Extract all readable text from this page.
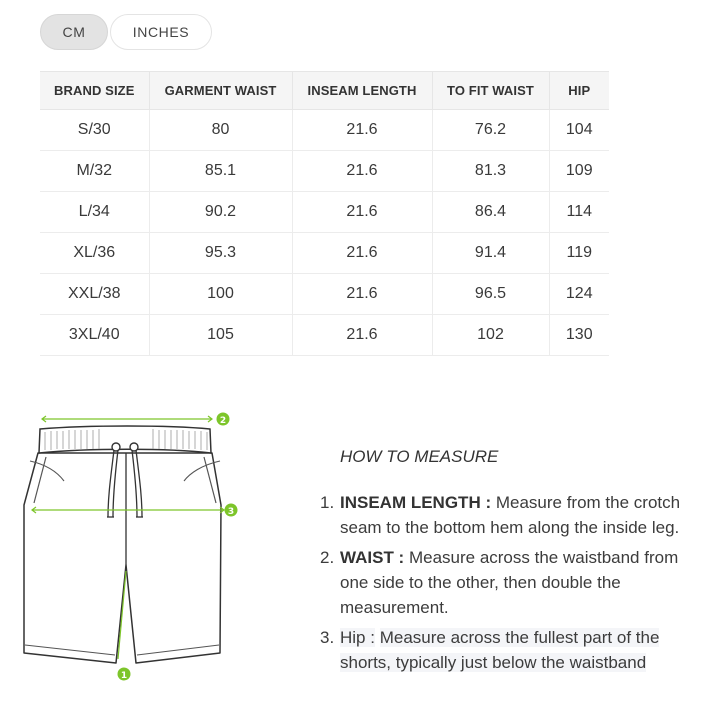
CM	INCHES
BRAND SIZE	GARMENT WAIST	INSEAM LENGTH	TO FIT WAIST	HIP
S/30	80	21.6	76.2	104
M/32	85.1	21.6	81.3	109
L/34	90.2	21.6	86.4	114
XL/36	95.3	21.6	91.4	119
XXL/38	100	21.6	96.5	124
3XL/40	105	21.6	102	130
2
3
1
HOW TO MEASURE
1. INSEAM LENGTH : Measure from the crotch seam to the bottom hem along the inside leg.
2. WAIST : Measure across the waistband from one side to the other, then double the measurement.
3. Hip : Measure across the fullest part of the shorts, typically just below the waistband
